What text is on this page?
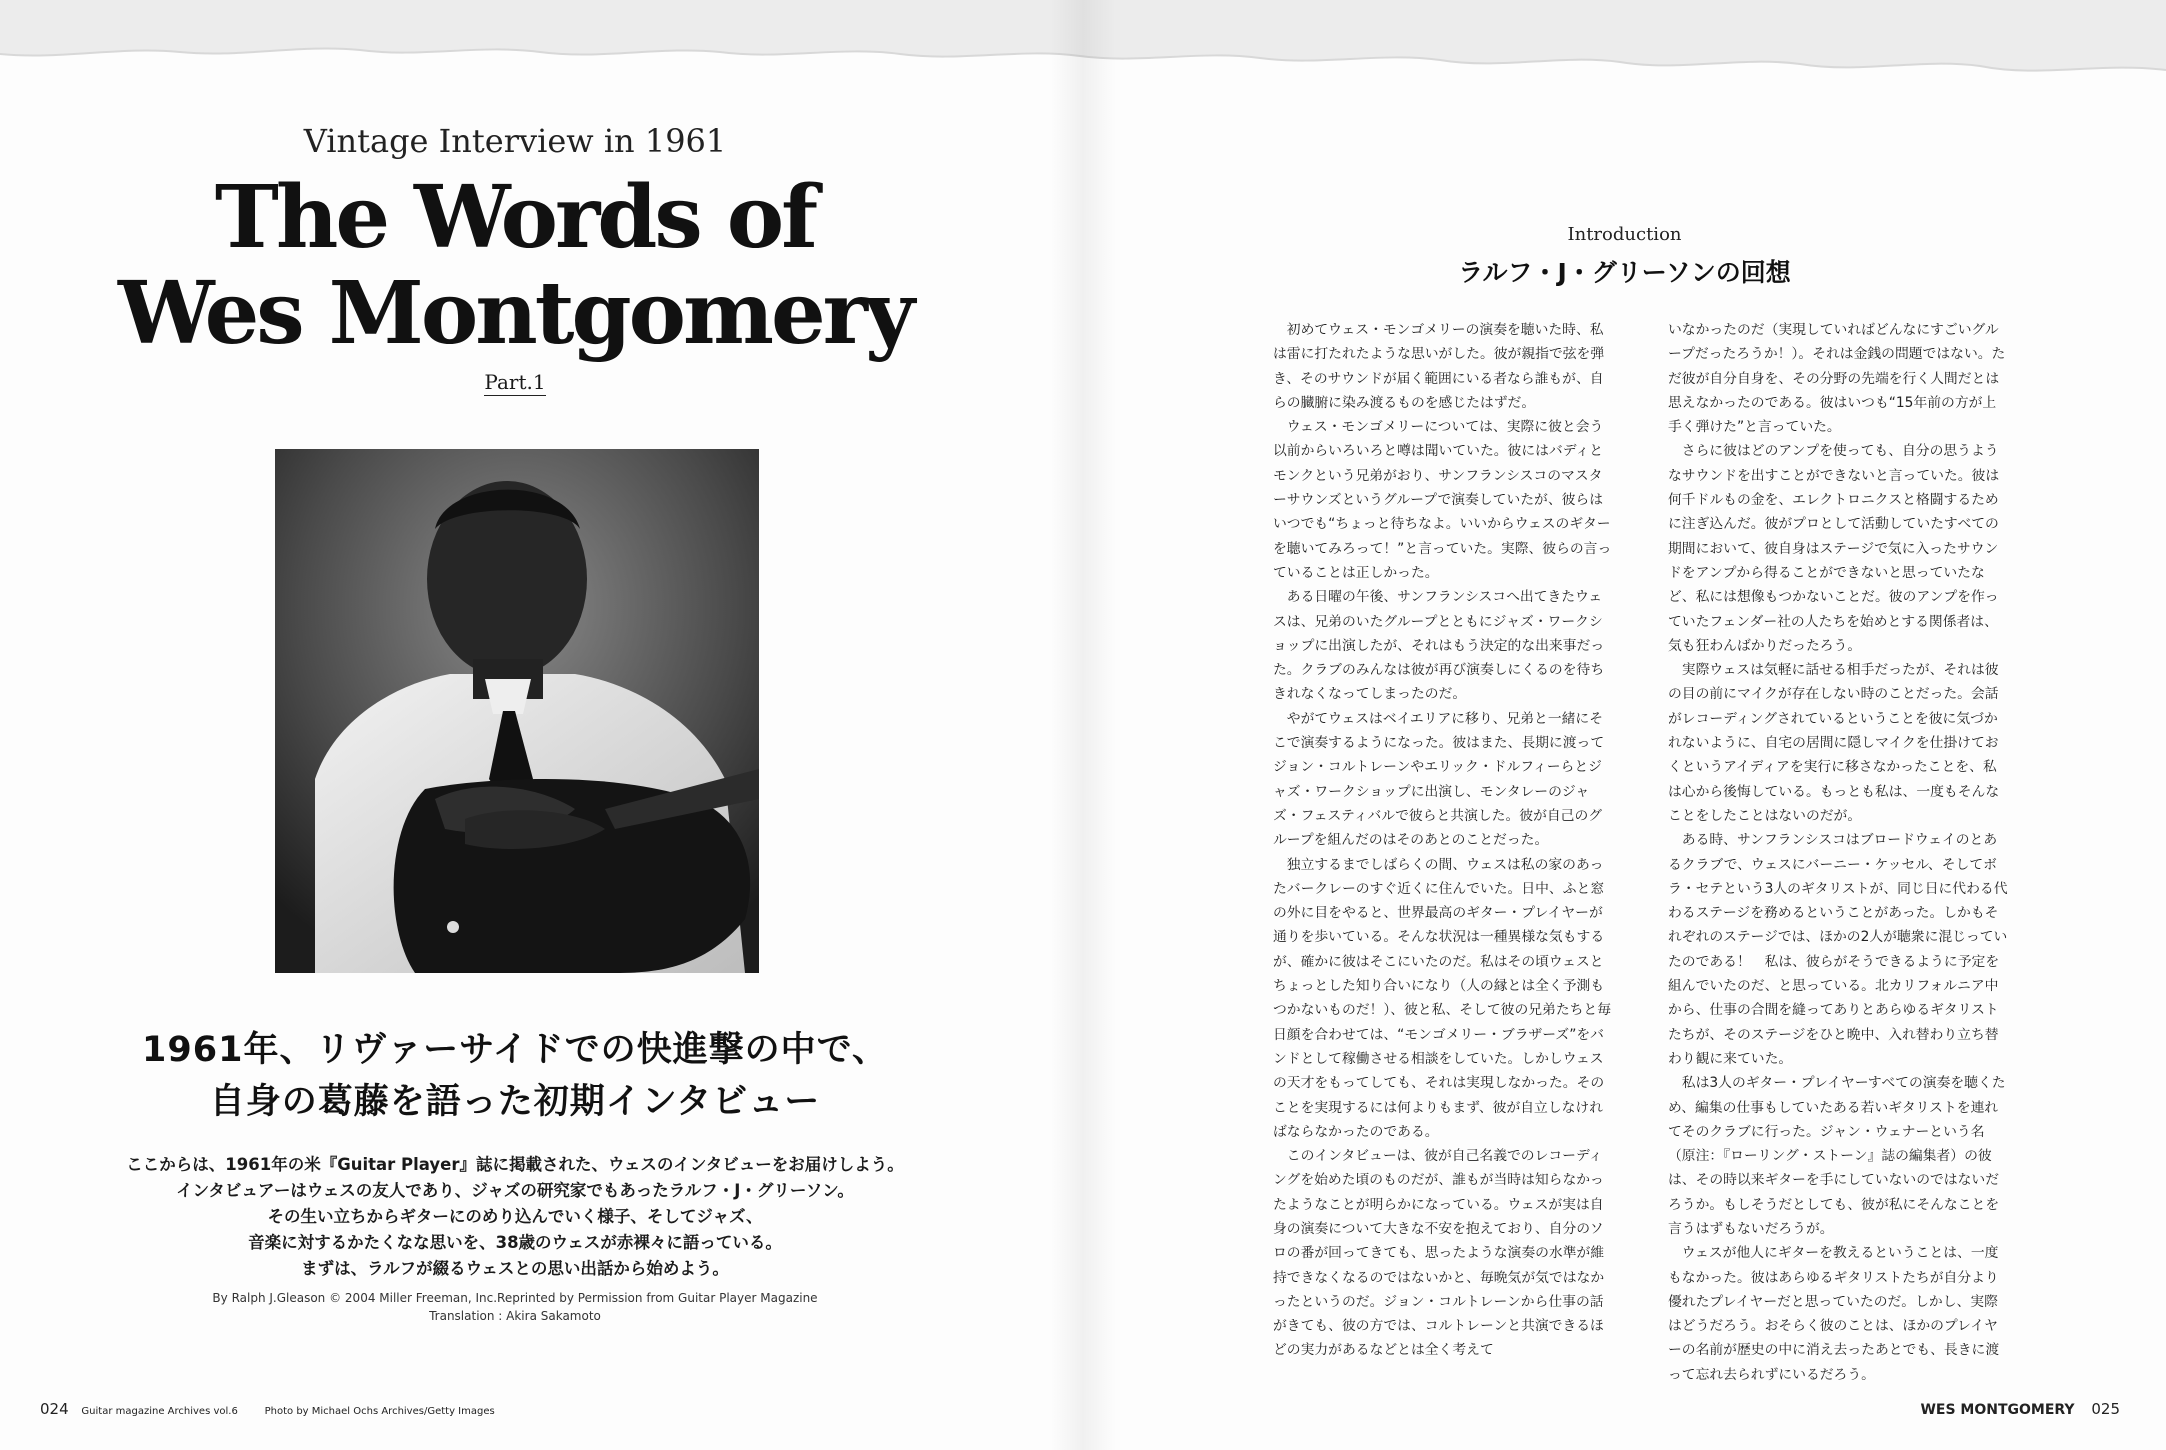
Vintage Interview in 1961
The Words of
Wes Montgomery
Part.1
1961年、リヴァーサイドでの快進撃の中で、
自身の葛藤を語った初期インタビュー
ここからは、1961年の米『Guitar Player』誌に掲載された、ウェスのインタビューをお届けしよう。
インタビュアーはウェスの友人であり、ジャズの研究家でもあったラルフ・J・グリーソン。
その生い立ちからギターにのめり込んでいく様子、そしてジャズ、
音楽に対するかたくなな思いを、38歳のウェスが赤裸々に語っている。
まずは、ラルフが綴るウェスとの思い出話から始めよう。
By Ralph J.Gleason © 2004 Miller Freeman, Inc.Reprinted by Permission from Guitar Player Magazine
Translation : Akira Sakamoto
024 Guitar magazine Archives vol.6	Photo by Michael Ochs Archives/Getty Images
Introduction
ラルフ・J・グリーソンの回想

初めてウェス・モンゴメリーの演奏を聴いた時、私は雷に打たれたような思いがした。彼が親指で弦を弾き、そのサウンドが届く範囲にいる者なら誰もが、自らの臓腑に染み渡るものを感じたはずだ。

ウェス・モンゴメリーについては、実際に彼と会う以前からいろいろと噂は聞いていた。彼にはバディとモンクという兄弟がおり、サンフランシスコのマスターサウンズというグループで演奏していたが、彼らはいつでも“ちょっと待ちなよ。いいからウェスのギターを聴いてみろって！”と言っていた。実際、彼らの言っていることは正しかった。

ある日曜の午後、サンフランシスコへ出てきたウェスは、兄弟のいたグループとともにジャズ・ワークショップに出演したが、それはもう決定的な出来事だった。クラブのみんなは彼が再び演奏しにくるのを待ちきれなくなってしまったのだ。

やがてウェスはベイエリアに移り、兄弟と一緒にそこで演奏するようになった。彼はまた、長期に渡ってジョン・コルトレーンやエリック・ドルフィーらとジャズ・ワークショップに出演し、モンタレーのジャズ・フェスティバルで彼らと共演した。彼が自己のグループを組んだのはそのあとのことだった。

独立するまでしばらくの間、ウェスは私の家のあったバークレーのすぐ近くに住んでいた。日中、ふと窓の外に目をやると、世界最高のギター・プレイヤーが通りを歩いている。そんな状況は一種異様な気もするが、確かに彼はそこにいたのだ。私はその頃ウェスとちょっとした知り合いになり（人の縁とは全く予測もつかないものだ！）、彼と私、そして彼の兄弟たちと毎日顔を合わせては、“モンゴメリー・ブラザーズ”をバンドとして稼働させる相談をしていた。しかしウェスの天才をもってしても、それは実現しなかった。そのことを実現するには何よりもまず、彼が自立しなければならなかったのである。

このインタビューは、彼が自己名義でのレコーディングを始めた頃のものだが、誰もが当時は知らなかったようなことが明らかになっている。ウェスが実は自身の演奏について大きな不安を抱えており、自分のソロの番が回ってきても、思ったような演奏の水準が維持できなくなるのではないかと、毎晩気が気ではなかったというのだ。ジョン・コルトレーンから仕事の話がきても、彼の方では、コルトレーンと共演できるほどの実力があるなどとは全く考えて

いなかったのだ（実現していればどんなにすごいグループだったろうか！）。それは金銭の問題ではない。ただ彼が自分自身を、その分野の先端を行く人間だとは思えなかったのである。彼はいつも“15年前の方が上手く弾けた”と言っていた。

さらに彼はどのアンプを使っても、自分の思うようなサウンドを出すことができないと言っていた。彼は何千ドルもの金を、エレクトロニクスと格闘するために注ぎ込んだ。彼がプロとして活動していたすべての期間において、彼自身はステージで気に入ったサウンドをアンプから得ることができないと思っていたなど、私には想像もつかないことだ。彼のアンプを作っていたフェンダー社の人たちを始めとする関係者は、気も狂わんばかりだったろう。

実際ウェスは気軽に話せる相手だったが、それは彼の目の前にマイクが存在しない時のことだった。会話がレコーディングされているということを彼に気づかれないように、自宅の居間に隠しマイクを仕掛けておくというアイディアを実行に移さなかったことを、私は心から後悔している。もっとも私は、一度もそんなことをしたことはないのだが。

ある時、サンフランシスコはブロードウェイのとあるクラブで、ウェスにバーニー・ケッセル、そしてボラ・セテという3人のギタリストが、同じ日に代わる代わるステージを務めるということがあった。しかもそれぞれのステージでは、ほかの2人が聴衆に混じっていたのである！　私は、彼らがそうできるように予定を組んでいたのだ、と思っている。北カリフォルニア中から、仕事の合間を縫ってありとあらゆるギタリストたちが、そのステージをひと晩中、入れ替わり立ち替わり観に来ていた。

私は3人のギター・プレイヤーすべての演奏を聴くため、編集の仕事もしていたある若いギタリストを連れてそのクラブに行った。ジャン・ウェナーという名（原注：『ローリング・ストーン』誌の編集者）の彼は、その時以来ギターを手にしていないのではないだろうか。もしそうだとしても、彼が私にそんなことを言うはずもないだろうが。

ウェスが他人にギターを教えるということは、一度もなかった。彼はあらゆるギタリストたちが自分より優れたプレイヤーだと思っていたのだ。しかし、実際はどうだろう。おそらく彼のことは、ほかのプレイヤーの名前が歴史の中に消え去ったあとでも、長きに渡って忘れ去られずにいるだろう。

WES MONTGOMERY 025
